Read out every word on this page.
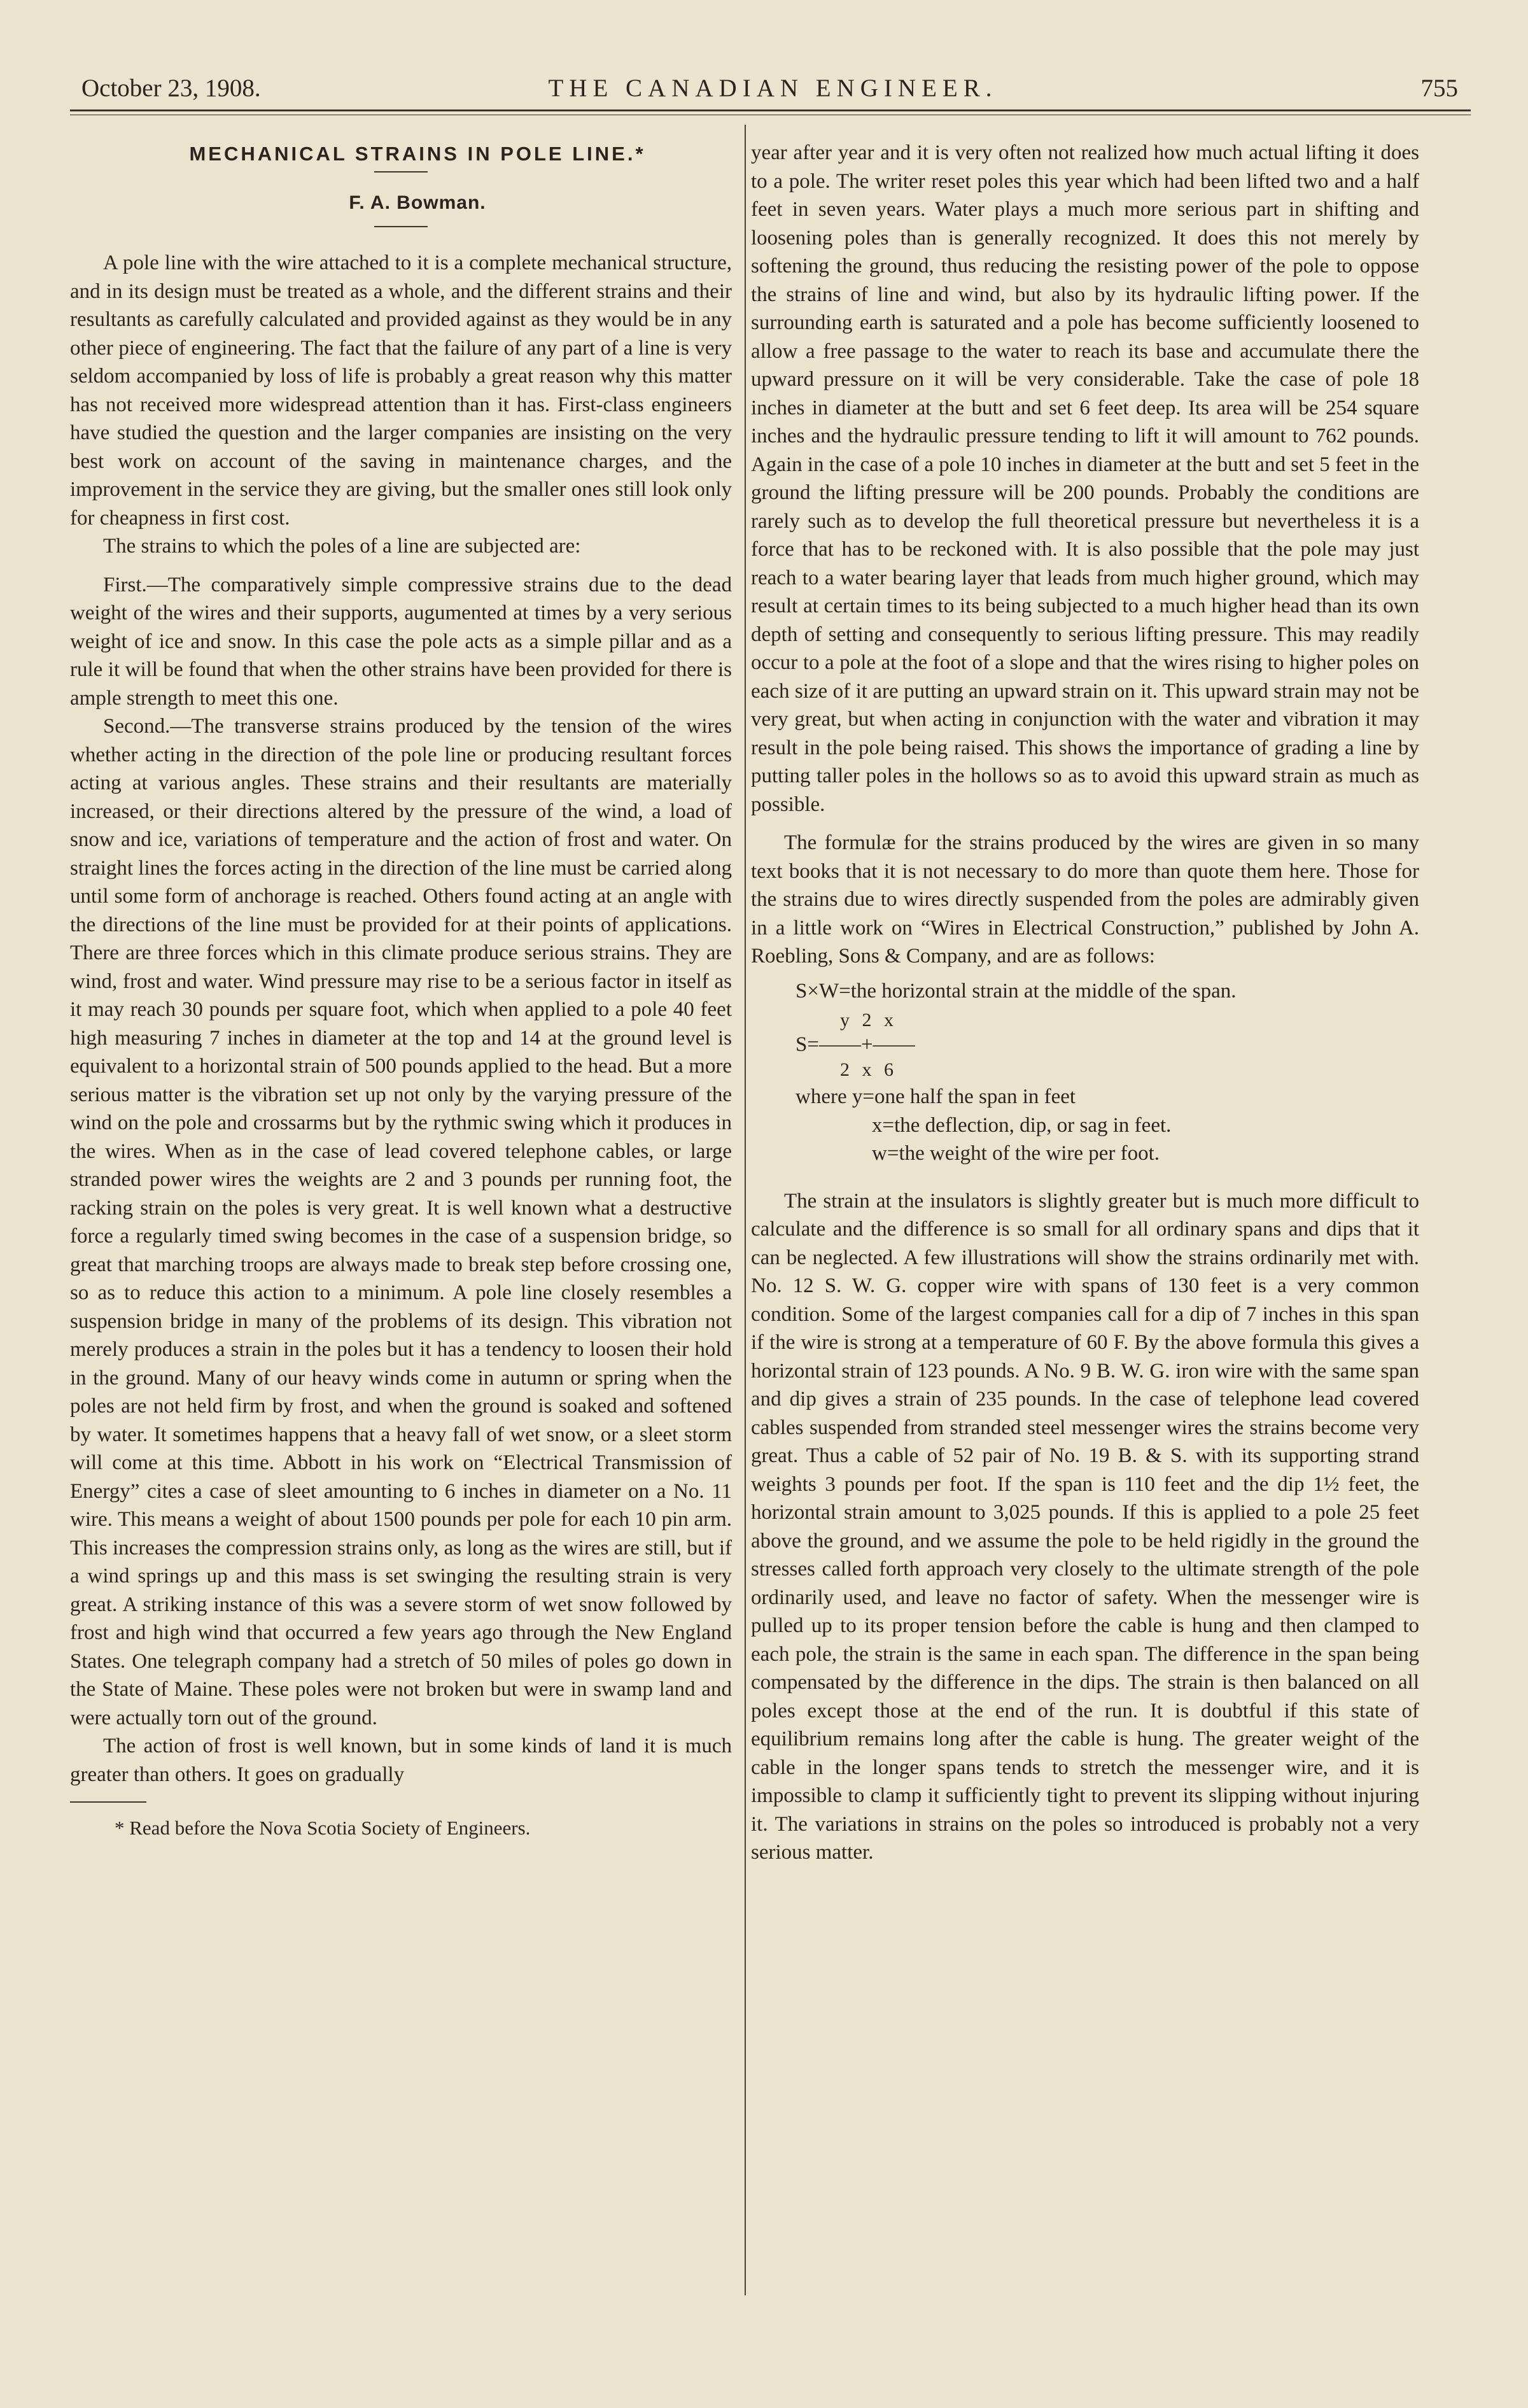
October 23, 1908.	THE CANADIAN ENGINEER.	755

MECHANICAL STRAINS IN POLE LINE.*

F. A. Bowman.

A pole line with the wire attached to it is a complete mechanical structure, and in its design must be treated as a whole, and the different strains and their resultants as carefully calculated and provided against as they would be in any other piece of engineering. The fact that the failure of any part of a line is very seldom accompanied by loss of life is probably a great reason why this matter has not received more widespread attention than it has. First-class engineers have studied the question and the larger companies are insisting on the very best work on account of the saving in maintenance charges, and the improvement in the service they are giving, but the smaller ones still look only for cheapness in first cost.

The strains to which the poles of a line are subjected are:

First.—The comparatively simple compressive strains due to the dead weight of the wires and their supports, augumented at times by a very serious weight of ice and snow. In this case the pole acts as a simple pillar and as a rule it will be found that when the other strains have been provided for there is ample strength to meet this one.

Second.—The transverse strains produced by the tension of the wires whether acting in the direction of the pole line or producing resultant forces acting at various angles. These strains and their resultants are materially increased, or their directions altered by the pressure of the wind, a load of snow and ice, variations of temperature and the action of frost and water. On straight lines the forces acting in the direction of the line must be carried along until some form of anchorage is reached. Others found acting at an angle with the directions of the line must be provided for at their points of applications. There are three forces which in this climate produce serious strains. They are wind, frost and water. Wind pressure may rise to be a serious factor in itself as it may reach 30 pounds per square foot, which when applied to a pole 40 feet high measuring 7 inches in diameter at the top and 14 at the ground level is equivalent to a horizontal strain of 500 pounds applied to the head. But a more serious matter is the vibration set up not only by the varying pressure of the wind on the pole and crossarms but by the rythmic swing which it produces in the wires. When as in the case of lead covered telephone cables, or large stranded power wires the weights are 2 and 3 pounds per running foot, the racking strain on the poles is very great. It is well known what a destructive force a regularly timed swing becomes in the case of a suspension bridge, so great that marching troops are always made to break step before crossing one, so as to reduce this action to a minimum. A pole line closely resembles a suspension bridge in many of the problems of its design. This vibration not merely produces a strain in the poles but it has a tendency to loosen their hold in the ground. Many of our heavy winds come in autumn or spring when the poles are not held firm by frost, and when the ground is soaked and softened by water. It sometimes happens that a heavy fall of wet snow, or a sleet storm will come at this time. Abbott in his work on “Electrical Transmission of Energy” cites a case of sleet amounting to 6 inches in diameter on a No. 11 wire. This means a weight of about 1500 pounds per pole for each 10 pin arm. This increases the compression strains only, as long as the wires are still, but if a wind springs up and this mass is set swinging the resulting strain is very great. A striking instance of this was a severe storm of wet snow followed by frost and high wind that occurred a few years ago through the New England States. One telegraph company had a stretch of 50 miles of poles go down in the State of Maine. These poles were not broken but were in swamp land and were actually torn out of the ground.

The action of frost is well known, but in some kinds of land it is much greater than others. It goes on gradually

* Read before the Nova Scotia Society of Engineers.

year after year and it is very often not realized how much actual lifting it does to a pole. The writer reset poles this year which had been lifted two and a half feet in seven years. Water plays a much more serious part in shifting and loosening poles than is generally recognized. It does this not merely by softening the ground, thus reducing the resisting power of the pole to oppose the strains of line and wind, but also by its hydraulic lifting power. If the surrounding earth is saturated and a pole has become sufficiently loosened to allow a free passage to the water to reach its base and accumulate there the upward pressure on it will be very considerable. Take the case of pole 18 inches in diameter at the butt and set 6 feet deep. Its area will be 254 square inches and the hydraulic pressure tending to lift it will amount to 762 pounds. Again in the case of a pole 10 inches in diameter at the butt and set 5 feet in the ground the lifting pressure will be 200 pounds. Probably the conditions are rarely such as to develop the full theoretical pressure but nevertheless it is a force that has to be reckoned with. It is also possible that the pole may just reach to a water bearing layer that leads from much higher ground, which may result at certain times to its being subjected to a much higher head than its own depth of setting and consequently to serious lifting pressure. This may readily occur to a pole at the foot of a slope and that the wires rising to higher poles on each size of it are putting an upward strain on it. This upward strain may not be very great, but when acting in conjunction with the water and vibration it may result in the pole being raised. This shows the importance of grading a line by putting taller poles in the hollows so as to avoid this upward strain as much as possible.

The formulæ for the strains produced by the wires are given in so many text books that it is not necessary to do more than quote them here. Those for the strains due to wires directly suspended from the poles are admirably given in a little work on “Wires in Electrical Construction,” published by John A. Roebling, Sons & Company, and are as follows:

S×W=the horizontal strain at the middle of the span.
y 2 x
S=——+——
2 x 6
where y=one half the span in feet
x=the deflection, dip, or sag in feet.
w=the weight of the wire per foot.

The strain at the insulators is slightly greater but is much more difficult to calculate and the difference is so small for all ordinary spans and dips that it can be neglected. A few illustrations will show the strains ordinarily met with. No. 12 S. W. G. copper wire with spans of 130 feet is a very common condition. Some of the largest companies call for a dip of 7 inches in this span if the wire is strong at a temperature of 60 F. By the above formula this gives a horizontal strain of 123 pounds. A No. 9 B. W. G. iron wire with the same span and dip gives a strain of 235 pounds. In the case of telephone lead covered cables suspended from stranded steel messenger wires the strains become very great. Thus a cable of 52 pair of No. 19 B. & S. with its supporting strand weights 3 pounds per foot. If the span is 110 feet and the dip 1½ feet, the horizontal strain amount to 3,025 pounds. If this is applied to a pole 25 feet above the ground, and we assume the pole to be held rigidly in the ground the stresses called forth approach very closely to the ultimate strength of the pole ordinarily used, and leave no factor of safety. When the messenger wire is pulled up to its proper tension before the cable is hung and then clamped to each pole, the strain is the same in each span. The difference in the span being compensated by the difference in the dips. The strain is then balanced on all poles except those at the end of the run. It is doubtful if this state of equilibrium remains long after the cable is hung. The greater weight of the cable in the longer spans tends to stretch the messenger wire, and it is impossible to clamp it sufficiently tight to prevent its slipping without injuring it. The variations in strains on the poles so introduced is probably not a very serious matter.
